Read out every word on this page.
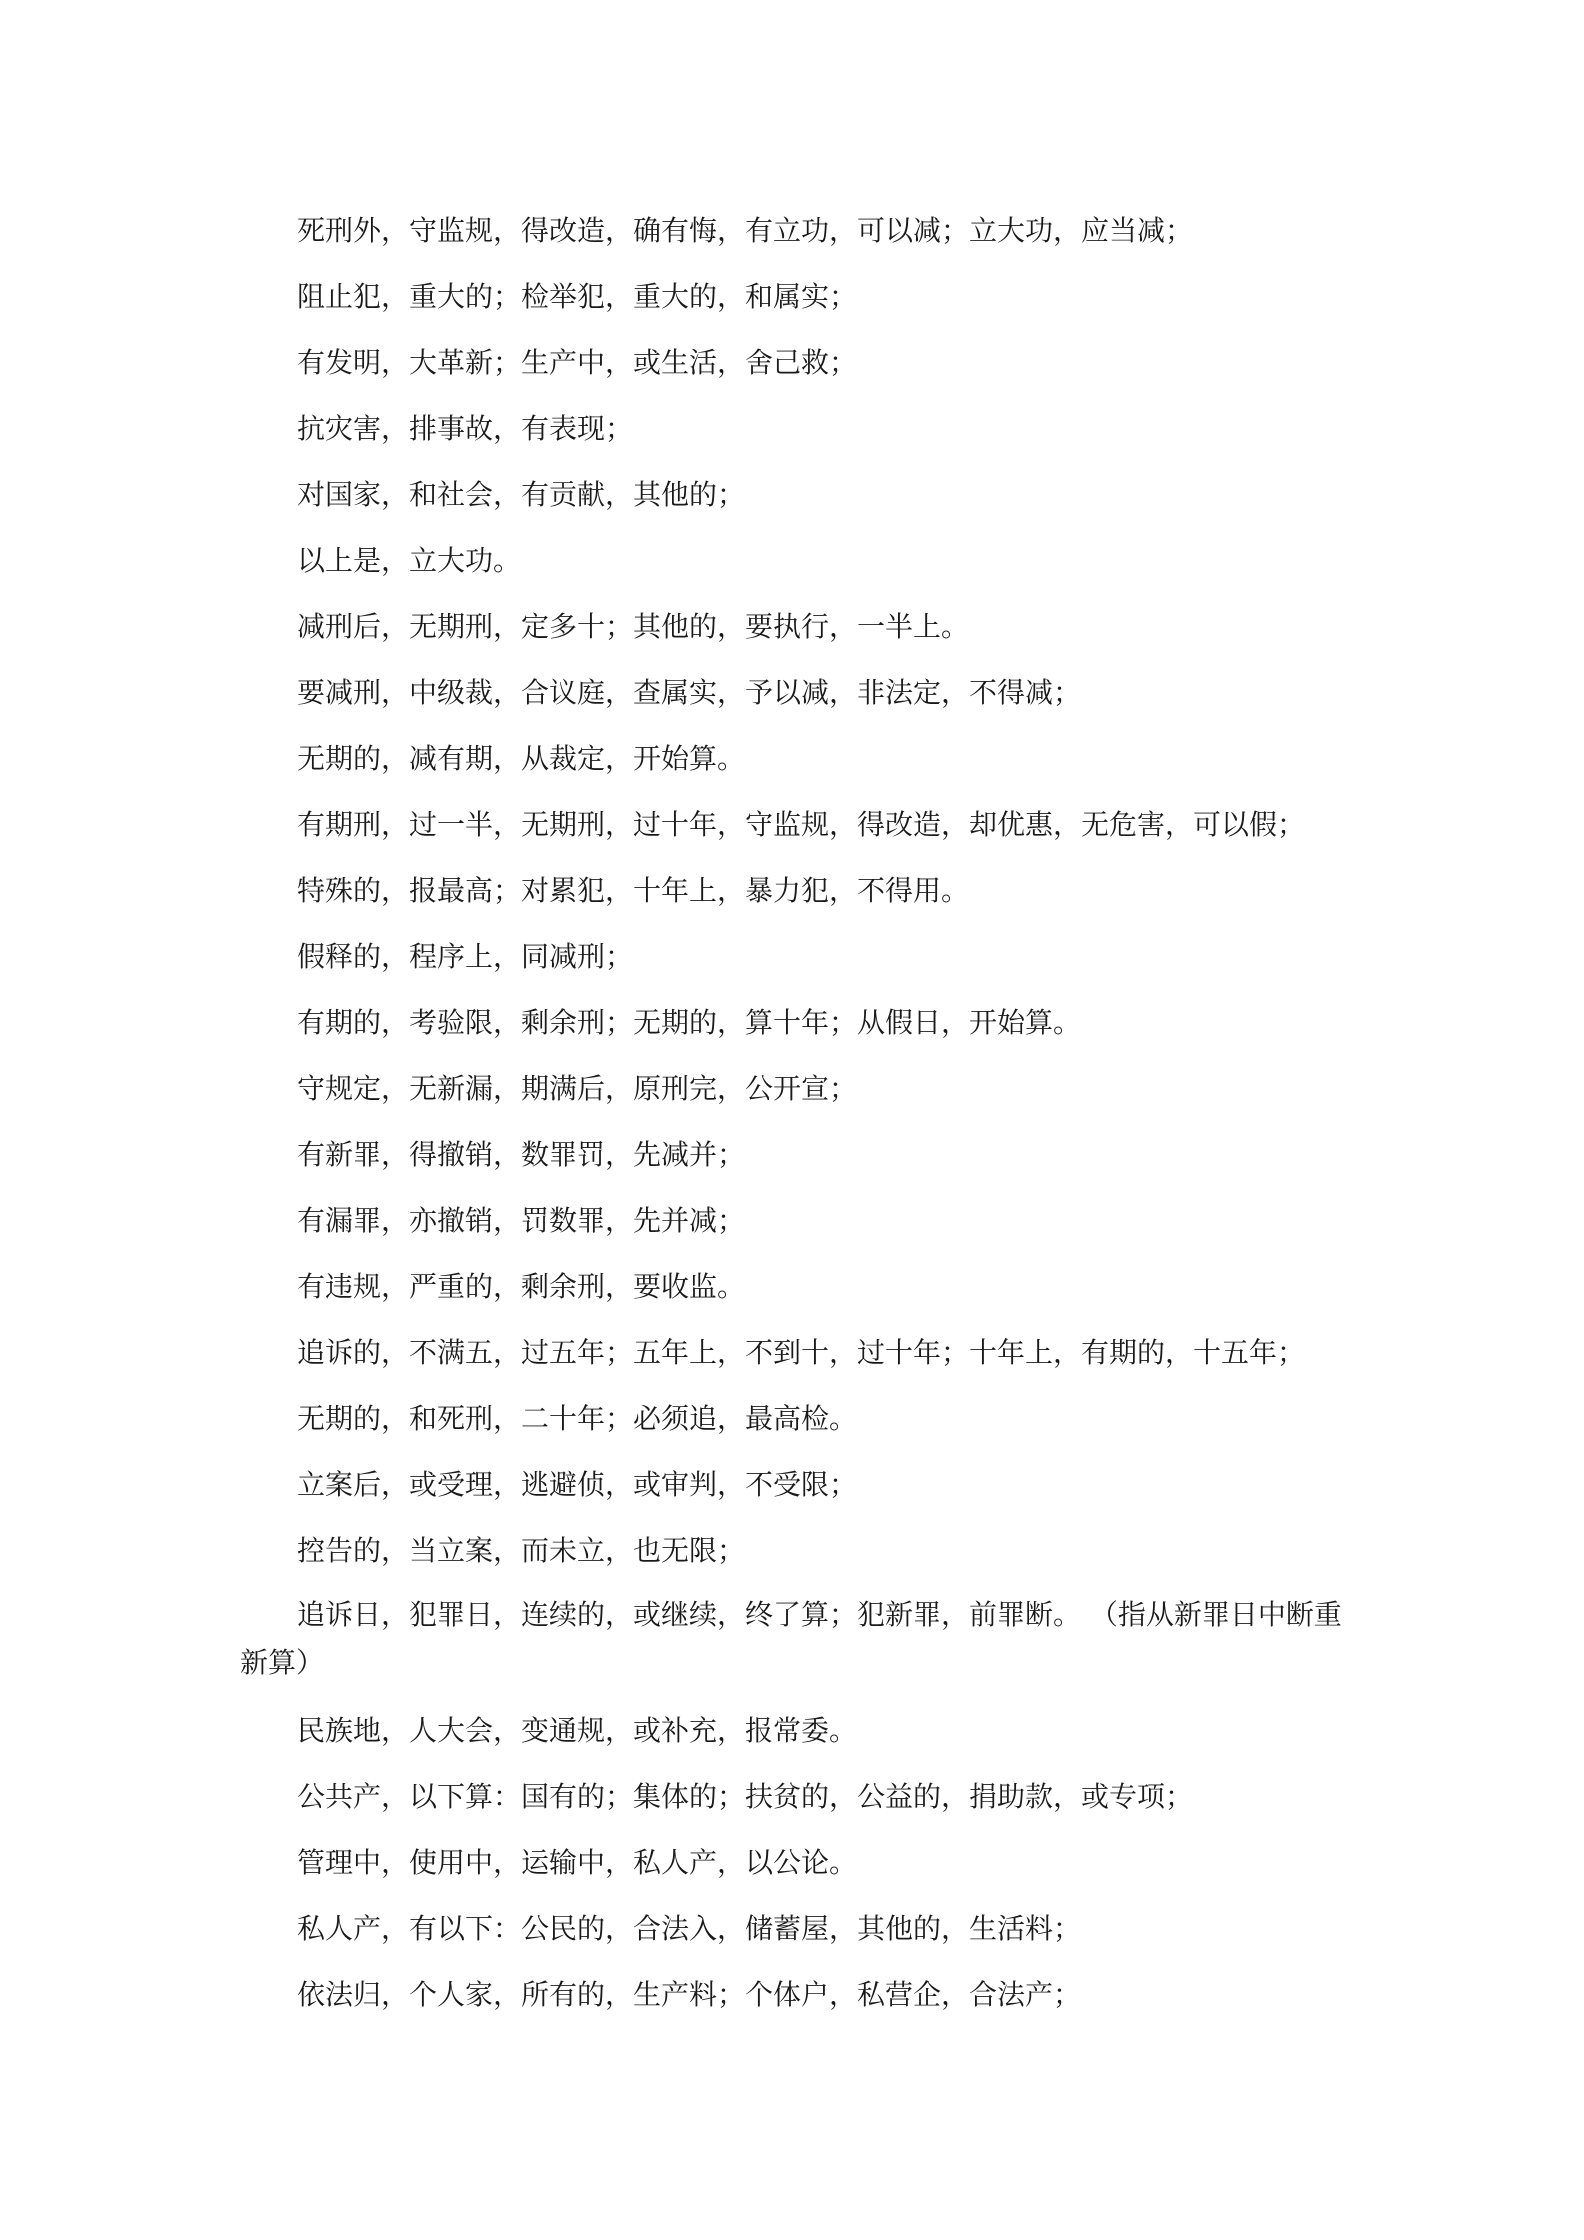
死刑外，守监规，得改造，确有悔，有立功，可以减；立大功，应当减；
阻止犯，重大的；检举犯，重大的，和属实；
有发明，大革新；生产中，或生活，舍己救；
抗灾害，排事故，有表现；
对国家，和社会，有贡献，其他的；
以上是，立大功。
减刑后，无期刑，定多十；其他的，要执行，一半上。
要减刑，中级裁，合议庭，查属实，予以减，非法定，不得减；
无期的，减有期，从裁定，开始算。
有期刑，过一半，无期刑，过十年，守监规，得改造，却优惠，无危害，可以假；
特殊的，报最高；对累犯，十年上，暴力犯，不得用。
假释的，程序上，同减刑；
有期的，考验限，剩余刑；无期的，算十年；从假日，开始算。
守规定，无新漏，期满后，原刑完，公开宣；
有新罪，得撤销，数罪罚，先减并；
有漏罪，亦撤销，罚数罪，先并减；
有违规，严重的，剩余刑，要收监。
追诉的，不满五，过五年；五年上，不到十，过十年；十年上，有期的，十五年；
无期的，和死刑，二十年；必须追，最高检。
立案后，或受理，逃避侦，或审判，不受限；
控告的，当立案，而未立，也无限；
追诉日，犯罪日，连续的，或继续，终了算；犯新罪，前罪断。 （指从新罪日中断重新算）
民族地，人大会，变通规，或补充，报常委。
公共产，以下算：国有的；集体的；扶贫的，公益的，捐助款，或专项；
管理中，使用中，运输中，私人产，以公论。
私人产，有以下：公民的，合法入，储蓄屋，其他的，生活料；
依法归，个人家，所有的，生产料；个体户，私营企，合法产；
